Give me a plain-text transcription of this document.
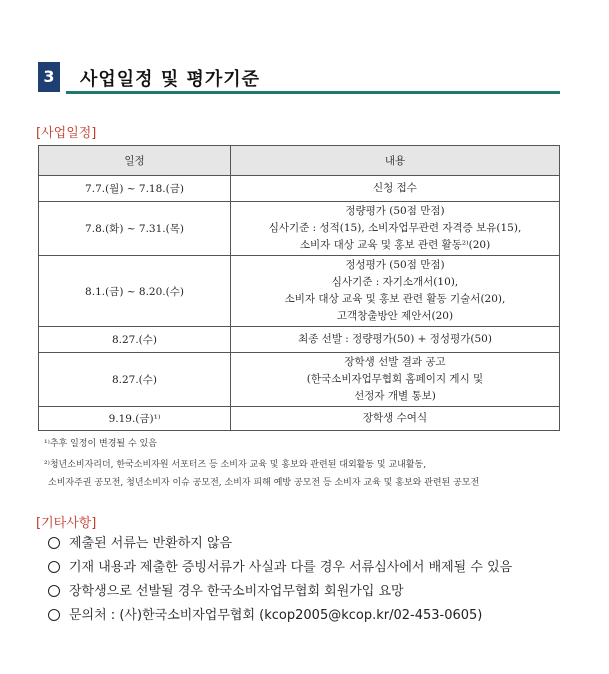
3	사업일정 및 평가기준
[사업일정]
일정	내용
7.7.(월) ~ 7.18.(금)	신청 접수

7.8.(화) ~ 7.31.(목)	정량평가 (50점 만점)
심사기준 : 성적(15), 소비자업무관련 자격증 보유(15),
소비자 대상 교육 및 홍보 관련 활동²⁾(20)

8.1.(금) ~ 8.20.(수)	정성평가 (50점 만점)
심사기준 : 자기소개서(10),
소비자 대상 교육 및 홍보 관련 활동 기술서(20),
고객창출방안 제안서(20)

8.27.(수)	최종 선발 : 정량평가(50) + 정성평가(50)

8.27.(수)	장학생 선발 결과 공고
(한국소비자업무협회 홈페이지 게시 및
선정자 개별 통보)

9.19.(금)¹⁾	장학생 수여식
¹⁾추후 일정이 변경될 수 있음
²⁾청년소비자리더, 한국소비자원 서포터즈 등 소비자 교육 및 홍보와 관련된 대외활동 및 교내활동,
소비자주권 공모전, 청년소비자 이슈 공모전, 소비자 피해 예방 공모전 등 소비자 교육 및 홍보와 관련된 공모전
[기타사항]
제출된 서류는 반환하지 않음
기재 내용과 제출한 증빙서류가 사실과 다를 경우 서류심사에서 배제될 수 있음
장학생으로 선발될 경우 한국소비자업무협회 회원가입 요망
문의처 : (사)한국소비자업무협회 (kcop2005@kcop.kr/02-453-0605)
